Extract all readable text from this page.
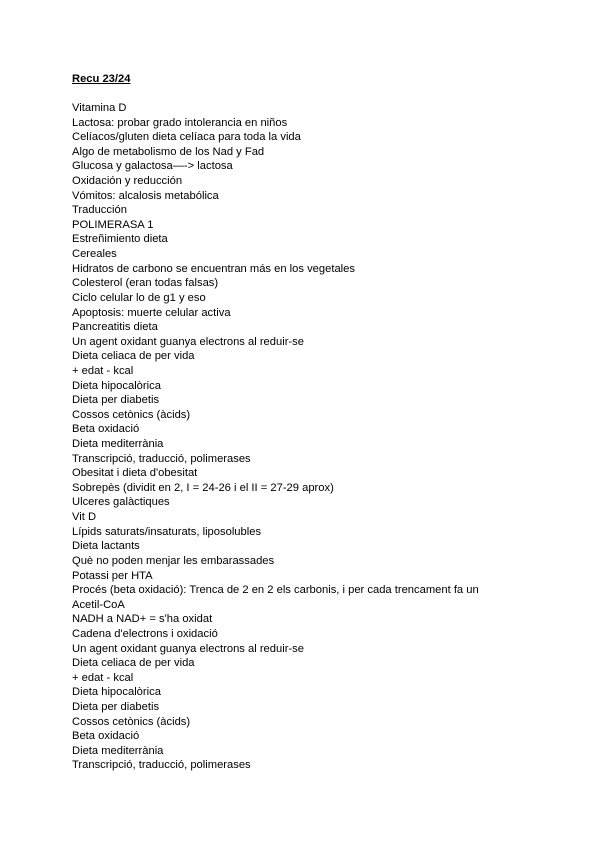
Recu 23/24
Vitamina D
Lactosa: probar grado intolerancia en niños
Celíacos/gluten dieta celíaca para toda la vida
Algo de metabolismo de los Nad y Fad
Glucosa y galactosa—-> lactosa
Oxidación y reducción
Vómitos: alcalosis metabólica
Traducción
POLIMERASA 1
Estreñimiento dieta
Cereales
Hidratos de carbono se encuentran más en los vegetales
Colesterol (eran todas falsas)
Ciclo celular lo de g1 y eso
Apoptosis: muerte celular activa
Pancreatitis dieta
Un agent oxidant guanya electrons al reduir-se
Dieta celiaca de per vida
+ edat - kcal
Dieta hipocalòrica
Dieta per diabetis
Cossos cetònics (àcids)
Beta oxidació
Dieta mediterrània
Transcripció, traducció, polimerases
Obesitat i dieta d'obesitat
Sobrepès (dividit en 2, I = 24-26 i el II = 27-29 aprox)
Ulceres galàctiques
Vit D
Lípids saturats/insaturats, liposolubles
Dieta lactants
Què no poden menjar les embarassades
Potassi per HTA
Procés (beta oxidació): Trenca de 2 en 2 els carbonis, i per cada trencament fa un
Acetil-CoA
NADH a NAD+ = s'ha oxidat
Cadena d'electrons i oxidació
Un agent oxidant guanya electrons al reduir-se
Dieta celiaca de per vida
+ edat - kcal
Dieta hipocalòrica
Dieta per diabetis
Cossos cetònics (àcids)
Beta oxidació
Dieta mediterrània
Transcripció, traducció, polimerases
